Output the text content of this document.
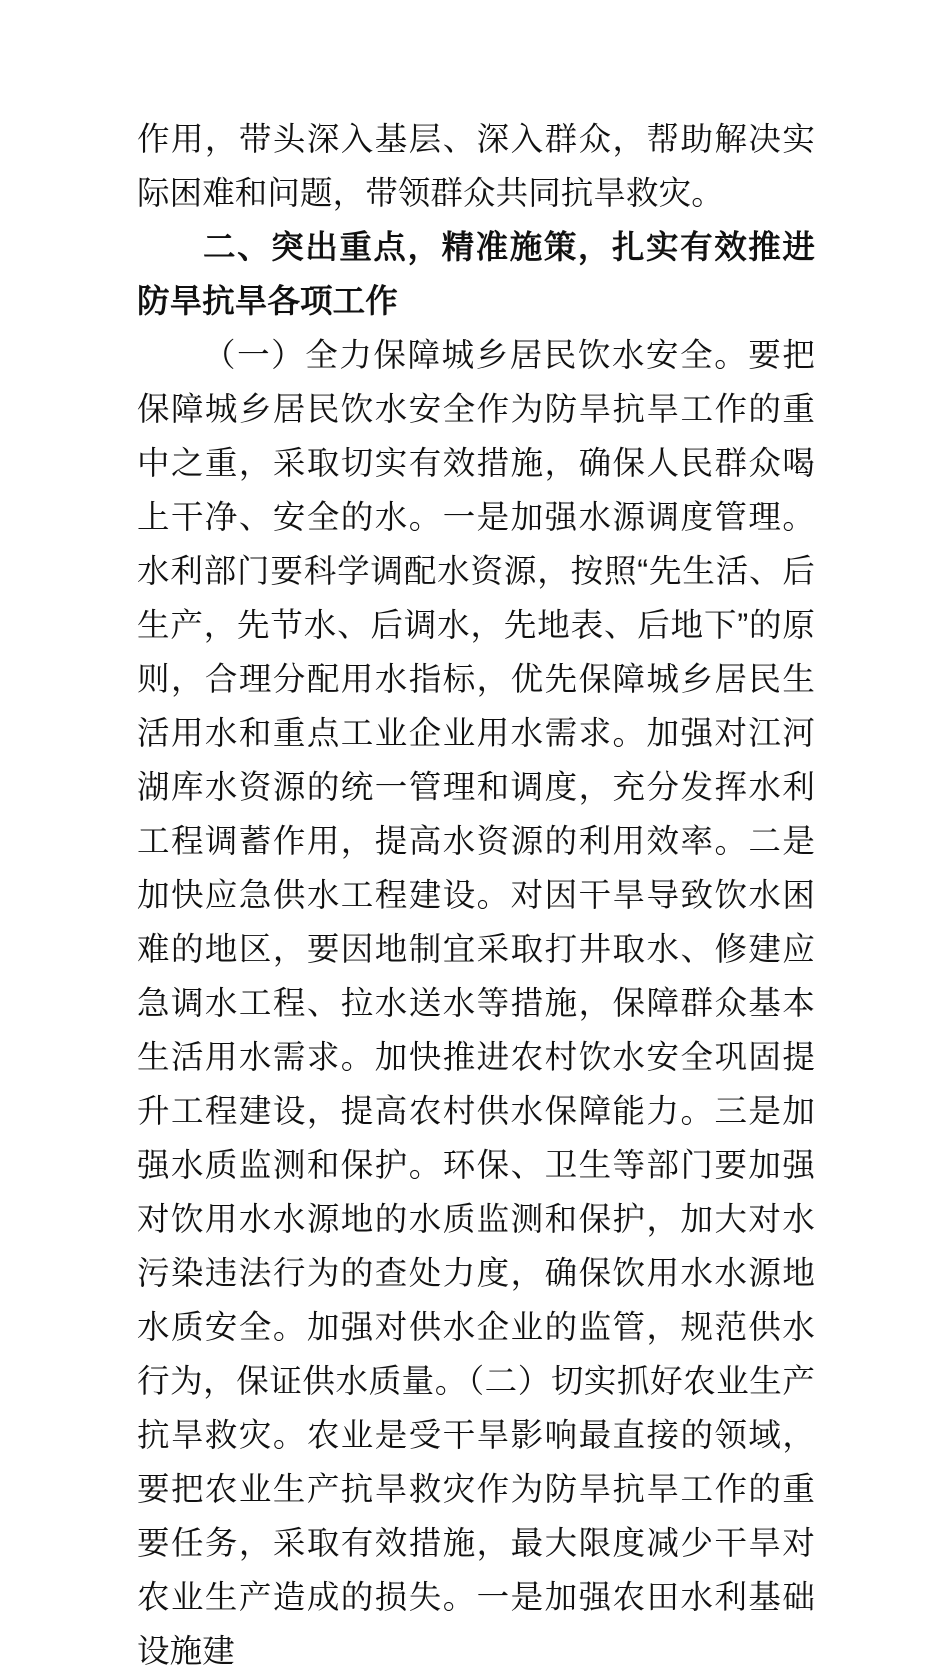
作用，带头深入基层、深入群众，帮助解决实际困难和问题，带领群众共同抗旱救灾。

二、突出重点，精准施策，扎实有效推进防旱抗旱各项工作

（一）全力保障城乡居民饮水安全。要把保障城乡居民饮水安全作为防旱抗旱工作的重中之重，采取切实有效措施，确保人民群众喝上干净、安全的水。一是加强水源调度管理。水利部门要科学调配水资源，按照“先生活、后生产，先节水、后调水，先地表、后地下”的原则，合理分配用水指标，优先保障城乡居民生活用水和重点工业企业用水需求。加强对江河湖库水资源的统一管理和调度，充分发挥水利工程调蓄作用，提高水资源的利用效率。二是加快应急供水工程建设。对因干旱导致饮水困难的地区，要因地制宜采取打井取水、修建应急调水工程、拉水送水等措施，保障群众基本生活用水需求。加快推进农村饮水安全巩固提升工程建设，提高农村供水保障能力。三是加强水质监测和保护。环保、卫生等部门要加强对饮用水水源地的水质监测和保护，加大对水污染违法行为的查处力度，确保饮用水水源地水质安全。加强对供水企业的监管，规范供水行为，保证供水质量。（二）切实抓好农业生产抗旱救灾。农业是受干旱影响最直接的领域，要把农业生产抗旱救灾作为防旱抗旱工作的重要任务，采取有效措施，最大限度减少干旱对农业生产造成的损失。一是加强农田水利基础设施建
